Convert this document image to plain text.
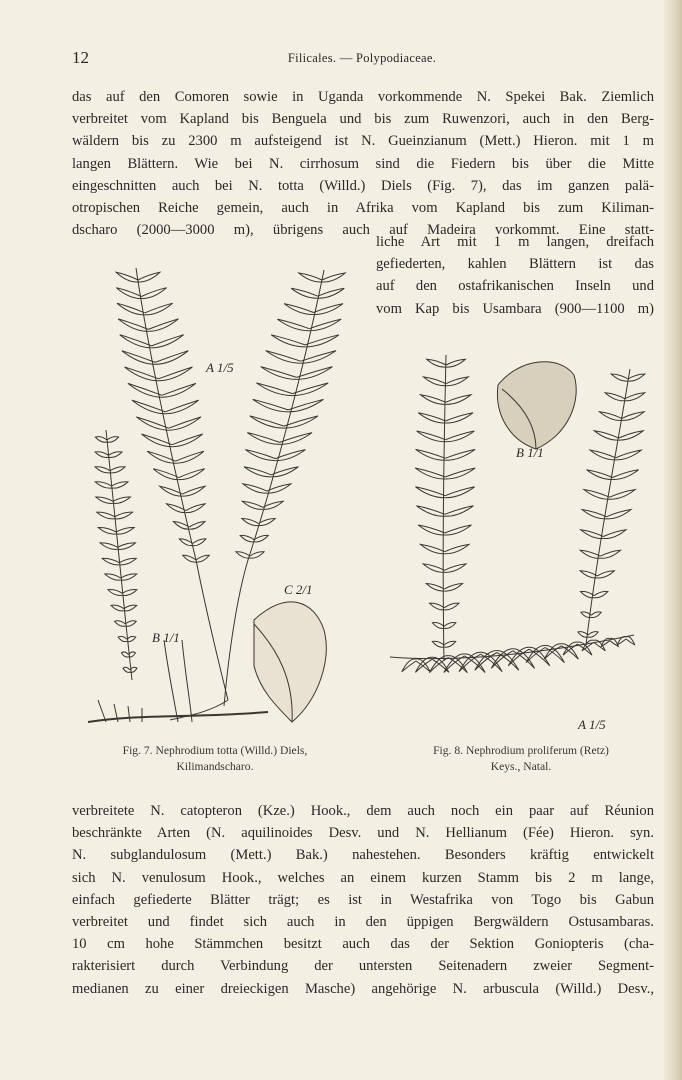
12	Filicales. — Polypodiaceae.
das auf den Comoren sowie in Uganda vorkommende N. Spekei Bak. Ziemlich
verbreitet vom Kapland bis Benguela und bis zum Ruwenzori, auch in den Berg-
wäldern bis zu 2300 m aufsteigend ist N. Gueinzianum (Mett.) Hieron. mit 1 m
langen Blättern. Wie bei N. cirrhosum sind die Fiedern bis über die Mitte
eingeschnitten auch bei N. totta (Willd.) Diels (Fig. 7), das im ganzen palä-
otropischen Reiche gemein, auch in Afrika vom Kapland bis zum Kiliman-
dscharo (2000—3000 m), übrigens auch auf Madeira vorkommt. Eine statt-
liche Art mit 1 m langen, dreifach
gefiederten, kahlen Blättern ist das
auf den ostafrikanischen Inseln und
vom Kap bis Usambara (900—1100 m)
A 1/5
B 1/1
C 2/1
B 1/1
A 1/5
Fig. 7. Nephrodium totta (Willd.) Diels,
Kilimandscharo.
Fig. 8. Nephrodium proliferum (Retz)
Keys., Natal.
verbreitete N. catopteron (Kze.) Hook., dem auch noch ein paar auf Réunion
beschränkte Arten (N. aquilinoides Desv. und N. Hellianum (Fée) Hieron. syn.
N. subglandulosum (Mett.) Bak.) nahestehen. Besonders kräftig entwickelt
sich N. venulosum Hook., welches an einem kurzen Stamm bis 2 m lange,
einfach gefiederte Blätter trägt; es ist in Westafrika von Togo bis Gabun
verbreitet und findet sich auch in den üppigen Bergwäldern Ostusambaras.
10 cm hohe Stämmchen besitzt auch das der Sektion Goniopteris (cha-
rakterisiert durch Verbindung der untersten Seitenadern zweier Segment-
medianen zu einer dreieckigen Masche) angehörige N. arbuscula (Willd.) Desv.,
